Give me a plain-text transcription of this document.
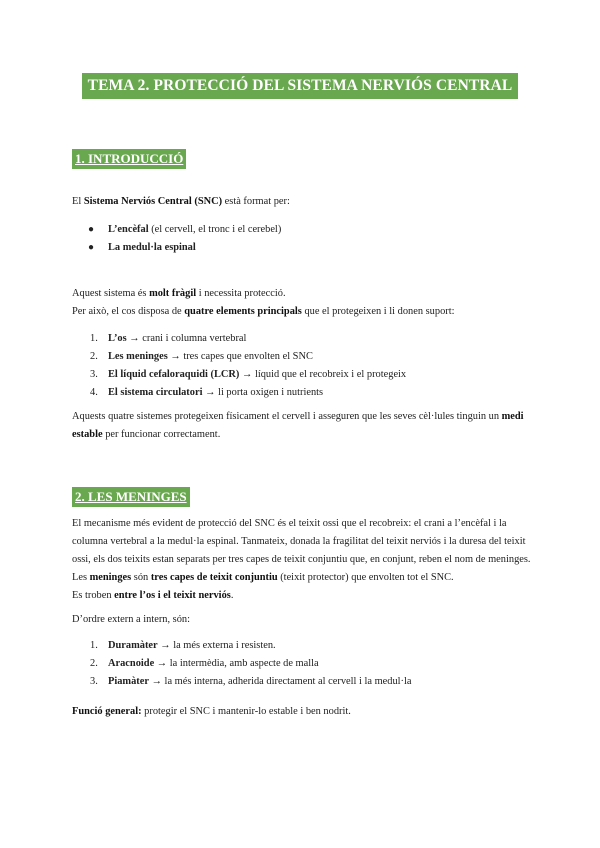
TEMA 2. PROTECCIÓ DEL SISTEMA NERVIÓS CENTRAL
1. INTRODUCCIÓ
El Sistema Nerviós Central (SNC) està format per:
● L’encèfal (el cervell, el tronc i el cerebel)
● La medul·la espinal
Aquest sistema és molt fràgil i necessita protecció.
Per això, el cos disposa de quatre elements principals que el protegeixen i li donen suport:
1. L’os → crani i columna vertebral
2. Les meninges → tres capes que envolten el SNC
3. El líquid cefaloraquidi (LCR) → líquid que el recobreix i el protegeix
4. El sistema circulatori → li porta oxigen i nutrients
Aquests quatre sistemes protegeixen físicament el cervell i asseguren que les seves cèl·lules tinguin un medi estable per funcionar correctament.
2. LES MENINGES
El mecanisme més evident de protecció del SNC és el teixit ossi que el recobreix: el crani a l’encèfal i la columna vertebral a la medul·la espinal. Tanmateix, donada la fragilitat del teixit nerviós i la duresa del teixit ossi, els dos teixits estan separats per tres capes de teixit conjuntiu que, en conjunt, reben el nom de meninges. Les meninges són tres capes de teixit conjuntiu (teixit protector) que envolten tot el SNC.
Es troben entre l’os i el teixit nerviós.
D’ordre extern a intern, són:
1. Duramàter → la més externa i resisten.
2. Aracnoide → la intermèdia, amb aspecte de malla
3. Piamàter → la més interna, adherida directament al cervell i la medul·la
Funció general: protegir el SNC i mantenir-lo estable i ben nodrit.
